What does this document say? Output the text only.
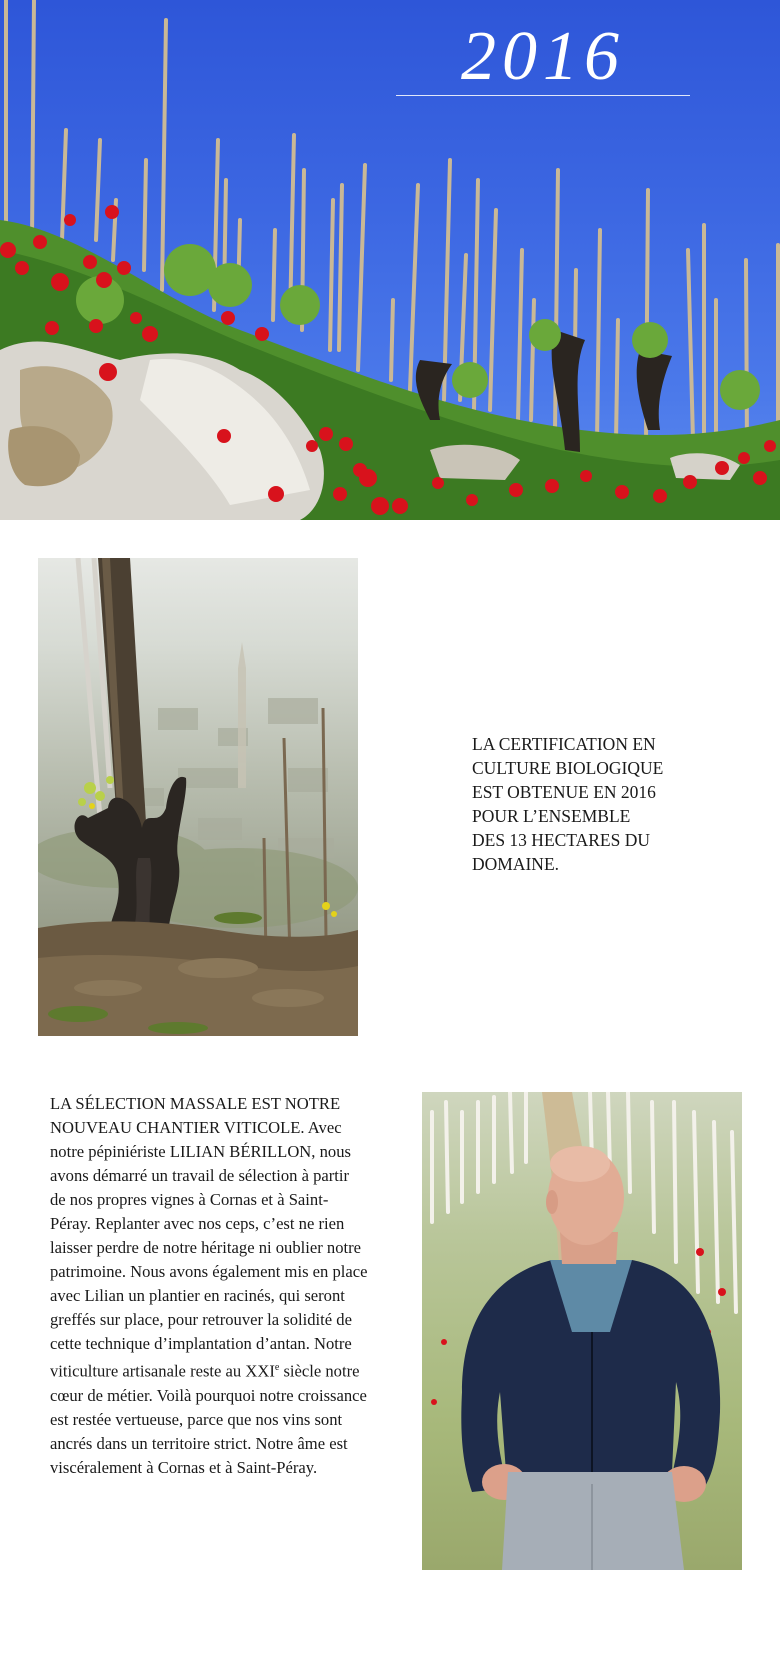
2016
LA CERTIFICATION EN
CULTURE BIOLOGIQUE
EST OBTENUE EN 2016
POUR L’ENSEMBLE
DES 13 HECTARES DU
DOMAINE.
LA SÉLECTION MASSALE EST NOTRE NOUVEAU CHANTIER VITICOLE. Avec notre pépiniériste LILIAN BÉRILLON, nous avons démarré un travail de sélection à partir de nos propres vignes à Cornas et à Saint-Péray. Replanter avec nos ceps, c’est ne rien laisser perdre de notre héritage ni oublier notre patrimoine. Nous avons également mis en place avec Lilian un plantier en racinés, qui seront greffés sur place, pour retrouver la solidité de cette technique d’implantation d’antan. Notre viticulture artisanale reste au XXIe siècle notre cœur de métier. Voilà pourquoi notre croissance est restée vertueuse, parce que nos vins sont ancrés dans un territoire strict. Notre âme est viscéralement à Cornas et à Saint-Péray.
